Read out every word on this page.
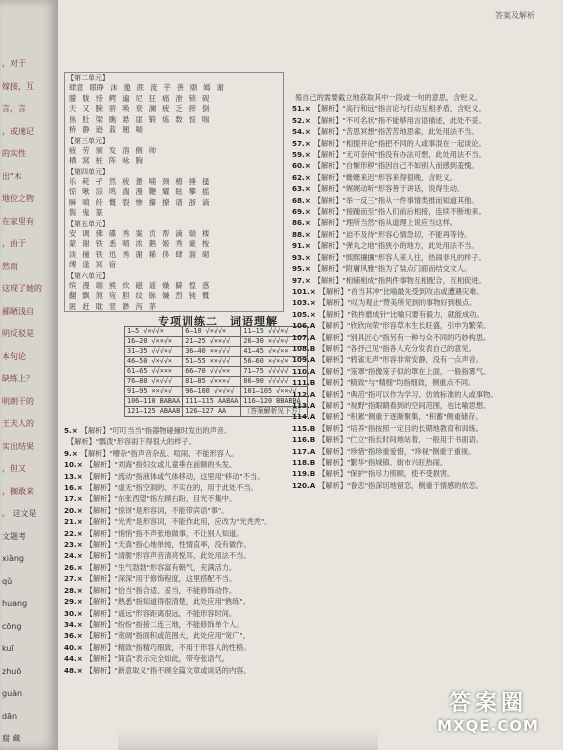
，对于
嫁接，互
言，言
，或速记
的实性
出"木
地位之物
在家里有
，由于
然而
这现了她的
鄙陋浅自
明反驳是
本句论
缺练上？
明朗干的
王夫人的
实出结果
，但又
，搁敢来
。 这文是
文题考
xiàng
qǔ
huang
cōng
kuī
zhuō
guàn
dān
腐 藏
答案及解析
【第二单元】
肆意 眼睁 沫 邀 蔗 流 芋 善 颐 嫣 谢
朦 胧 恃 鳄 遍 尼 狂 痛 泄 锁 砚
天 又 腕 骄 唤 衰 澜 疲 乏 摔 倒
焦 肚 梁 瞧 悬 崖 锻 炼 数 惊 喘
桥 静 逊 蓝 翘 喘
【第三单元】
疲 劳 颁 发 溶 侧 帅
栖 窝 桩 阵 咏 胸
【第四单元】
乐 耗 孑 然 疲 惫 哺 颈 椿 捶 搔
惊 啾 淙 鸣 湍 漫 鞭 耀 眩 攀 摇
瞬 嗔 纤 慨 裂 惨 攥 撩 谱 浙 滴
鬓 鬼 篆
【第五单元】
安 调 佛 碟 秀 案 贡 帮 滴 瑞 楼
蒙 谢 铁 悉 晴 浓 鹅 姬 秀 豪 梭
淡 撞 铁 迅 秀 谢 稀 侈 肆 溜 砌
缚 逢 冥 宿
【第六单元】
缤 漫 端 熊 炊 磁 遥 燥 僻 惶 惑
翻 飘 煞 宛 胆 纹 脉 嫌 烈 钝 慨
匿 赶 耽 竖 渺 泻 茅
专项训练二　词语理解
1—5 √×√√×	6—10 √×√√×	11—15 √√√×√
16—20 √××√×	21—25 √××√√	26—30 ×√√×√
31—35 √√√×√	36—40 ××√√√	41—45 √×√××
46—50 √×√√×	51—55 ××√√√	56—60 ×√×√×
61—65 √√×××	66—70 √√√××	71—75 √√√√√
76—80 √×√√√	81—85 √×××√	86—90 √√√√√
91—95 ××√×√	96—100 √×√×√	101—105 √××√√
106—110 BABAA	111—115 AABAA	116—120 BBABBA
121—125 ABAAB	126—127 AA	（答案解析见下方）

5.× 【解析】"叮叮当当"指器物碰撞时发出的声音。

【解析】"瓢泼"形容雨下得很大的样子。

9.× 【解析】"嘈杂"指声音杂乱、喧闹，不能形容人。

10.× 【解析】"刘海"指妇女或儿童垂在前额的头发。

13.× 【解析】"流动"指液体或气体移动，这里用"移动"不当。

16.× 【解析】"虚无"指空洞的、不实在的，用于此处不当。

17.× 【解析】"东张西望"指左顾右盼，目光不集中。

20.× 【解析】"惊讶"是形容词，不能带宾语"事"。

21.× 【解析】"光秃"是形容词，不能作此用，应改为"光秃秃"。

22.× 【解析】"悄悄"指不声张地做事，不让别人知道。

23.× 【解析】"天真"指心地单纯，性情直率，没有做作。

24.× 【解析】"清脆"形容声音清亮悦耳，此处用法不当。

26.× 【解析】"生气勃勃"形容富有朝气，充满活力。

27.× 【解析】"深深"用于修饰程度，这里搭配不当。

28.× 【解析】"恰当"指合适、妥当，不能修饰动作。

29.× 【解析】"熟悉"指知道得很清楚，此处应用"熟练"。

30.× 【解析】"遥远"形容距离很远，不能形容时间。

34.× 【解析】"纷纷"指接二连三地，不能修饰单个人。

36.× 【解析】"宽阔"指面积或范围大，此处应用"宽广"。

40.× 【解析】"精致"指精巧细致，不用于形容人的性格。

44.× 【解析】"简直"表示完全如此，带夸张语气。

48.× 【解析】"新意取义"指不顾全篇文章或谈话的内容。

殖自己的需要截立地获取其中一段或一句的意思，含贬义。

51.× 【解析】"高行和远"指言论与行动互相矛盾，含贬义。

52.× 【解析】"不可名状"指不能够用言语描述，此处不妥。

54.× 【解析】"苦思冥想"指苦苦地思索，此处用法不当。

57.× 【解析】"相提并论"指把不同的人或事混在一起谈论。

59.× 【解析】"无可奈何"指没有办法可想，此处用法不当。

60.× 【解析】"自惭形秽"指因自己不如别人而感到羞愧。

62.× 【解析】"姗姗来迟"形容来得很晚，含贬义。

63.× 【解析】"娓娓动听"形容善于讲话，说得生动。

68.× 【解析】"举一反三"指从一件事情类推而知道其他。

69.× 【解析】"接踵而至"指人们前后相接，连续不断地来。

86.× 【解析】"理所当然"指从道理上说应当这样。

88.× 【解析】"迫不及待"形容心情急切，不能再等待。

91.× 【解析】"弹丸之地"指狭小的地方，此处用法不当。

93.× 【解析】"熙熙攘攘"形容人来人往，热闹非凡的样子。

95.× 【解析】"附庸风雅"指为了装点门面而结交文人。

97.× 【解析】"相辅相成"指两件事物互相配合，互相促进。

101.× 【解析】"首当其冲"比喻最先受到攻击或遭遇灾难。

103.× 【解析】"叹为观止"赞美所见到的事物好到极点。

105.× 【解析】"铁杵磨成针"比喻只要有毅力，就能成功。

106.A 【解析】"欣欣向荣"形容草木生长旺盛，引申为繁荣。

107.A 【解析】"别具匠心"指另有一种与众不同的巧妙构思。

108.B 【解析】"各抒己见"指各人充分发表自己的意见。

109.A 【解析】"鸦雀无声"形容非常安静，没有一点声音。

110.A 【解析】"笼罩"指像笼子似的罩在上面，一般指雾气。

111.B 【解析】"精致"与"精细"均指细致，侧重点不同。

112.A 【解析】"典范"指可以作为学习、仿效标准的人或事物。

113.A 【解析】"视野"指眼睛看到的空间范围，也比喻思想。

114.A 【解析】"积累"侧重于逐渐聚集，"积蓄"侧重储存。

115.B 【解析】"培养"指按照一定目的长期地教育和训练。

116.B 【解析】"伫立"指长时间地站着，一般用于书面语。

117.A 【解析】"珍惜"指珍重爱惜，"珍视"侧重于重视。

118.B 【解析】"繁华"指城镇、街市兴旺热闹。

119.B 【解析】"保护"指尽力照顾，使不受损害。

120.A 【解析】"眷恋"指深切地留恋，侧重于情感的依恋。

答案圈
MXQE.COM
